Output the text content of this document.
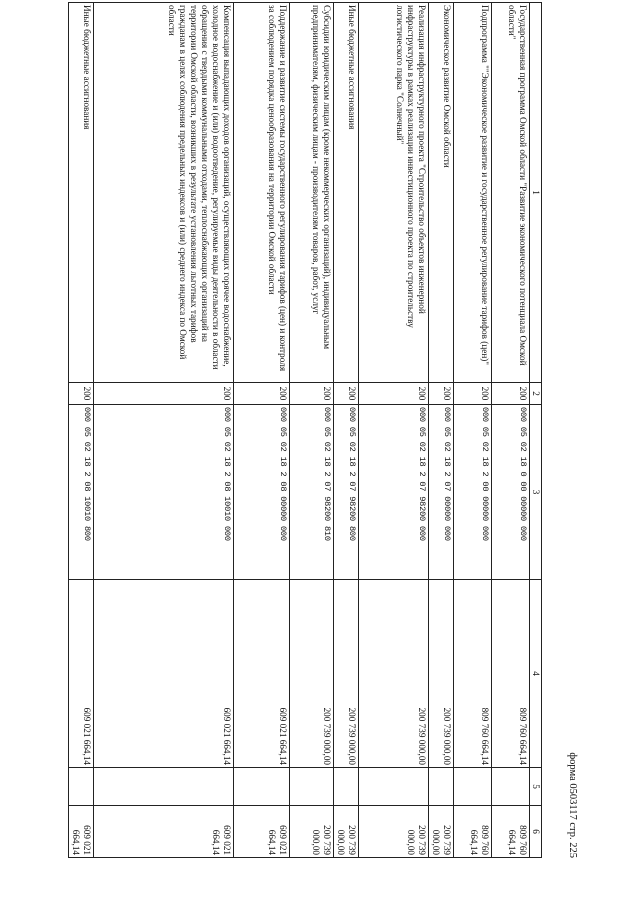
форма 0503117 стр. 225
1	2	3	4	5	6
Государственная программа Омской области "Развитие экономического потенциала Омской области"	200	000 05 02 18 0 00 00000 000	809 760 664,14		809 760 664,14
Подпрограмма ""Экономическое развитие и государственное регулирование тарифов (цен)"	200	000 05 02 18 2 00 00000 000	809 760 664,14		809 760 664,14
Экономическое развитие Омской области	200	000 05 02 18 2 07 00000 000	200 739 000,00		200 739 000,00
Реализация инфраструктурного проекта "Строительство объектов инженерной инфраструктуры в рамках реализации инвестиционного проекта по строительству логистического парка "Солнечный"	200	000 05 02 18 2 07 98200 000	200 739 000,00		200 739 000,00
Иные бюджетные ассигнования	200	000 05 02 18 2 07 98200 800	200 739 000,00		200 739 000,00
Субсидии юридическим лицам (кроме некоммерческих организаций), индивидуальным предпринимателям, физическим лицам - производителям товаров, работ, услуг	200	000 05 02 18 2 07 98200 810	200 739 000,00		200 739 000,00
Поддержание и развитие системы государственного регулирования тарифов (цен) и контроля за соблюдением порядка ценообразования на территории Омской области	200	000 05 02 18 2 08 00000 000	609 021 664,14		609 021 664,14
Компенсация выпадающих доходов организаций, осуществляющих горячее водоснабжение, холодное водоснабжение и (или) водоотведение, регулируемые виды деятельности в области обращения с твердыми коммунальными отходами, теплоснабжающих организаций на территории Омской области, возникших в результате установления льготных тарифов гражданам в целях соблюдения предельных индексов и (или) среднего индекса по Омской области	200	000 05 02 18 2 08 10010 000	609 021 664,14		609 021 664,14
Иные бюджетные ассигнования	200	000 05 02 18 2 08 10010 800	609 021 664,14		609 021 664,14
